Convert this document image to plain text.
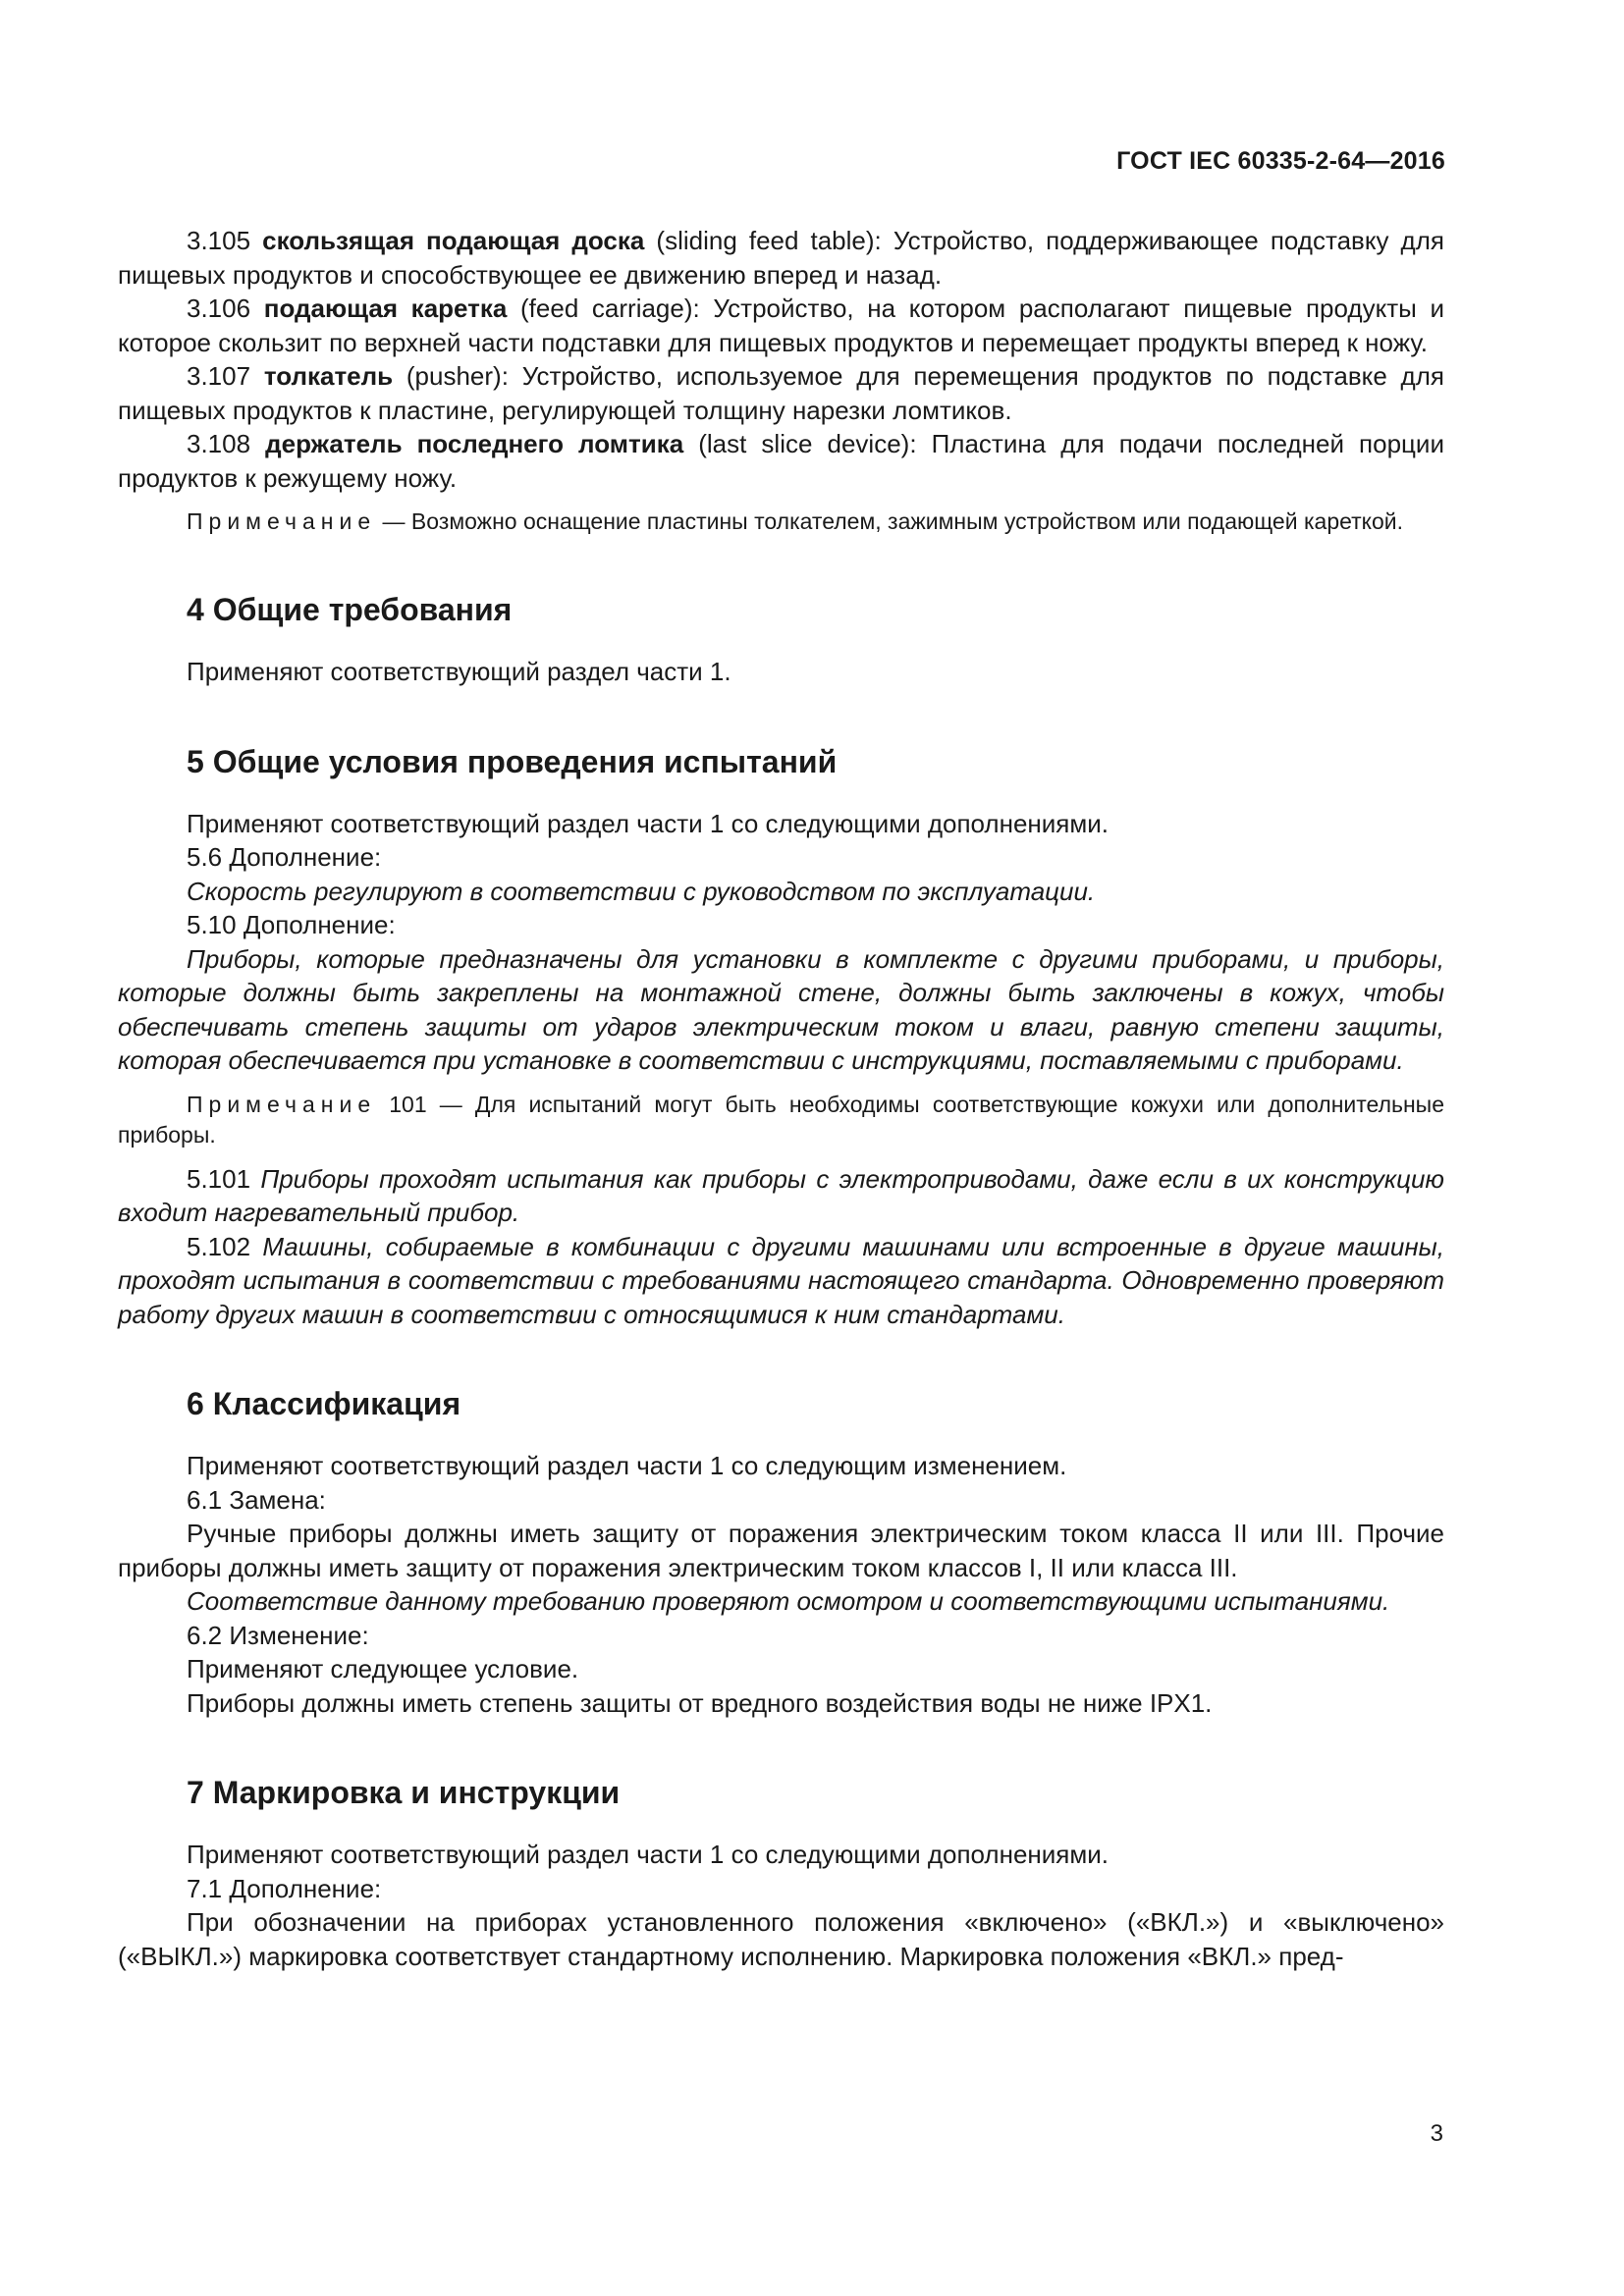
ГОСТ IEC 60335-2-64—2016

3.105 скользящая подающая доска (sliding feed table): Устройство, поддерживающее подставку для пищевых продуктов и способствующее ее движению вперед и назад.

3.106 подающая каретка (feed carriage): Устройство, на котором располагают пищевые продукты и которое скользит по верхней части подставки для пищевых продуктов и перемещает продукты вперед к ножу.

3.107 толкатель (pusher): Устройство, используемое для перемещения продуктов по подставке для пищевых продуктов к пластине, регулирующей толщину нарезки ломтиков.

3.108 держатель последнего ломтика (last slice device): Пластина для подачи последней порции продуктов к режущему ножу.

Примечание — Возможно оснащение пластины толкателем, зажимным устройством или подающей кареткой.

4 Общие требования

Применяют соответствующий раздел части 1.

5 Общие условия проведения испытаний

Применяют соответствующий раздел части 1 со следующими дополнениями.

5.6 Дополнение:

Скорость регулируют в соответствии с руководством по эксплуатации.

5.10 Дополнение:

Приборы, которые предназначены для установки в комплекте с другими приборами, и приборы, которые должны быть закреплены на монтажной стене, должны быть заключены в кожух, чтобы обеспечивать степень защиты от ударов электрическим током и влаги, равную степени защиты, которая обеспечивается при установке в соответствии с инструкциями, поставляемыми с приборами.

Примечание 101 — Для испытаний могут быть необходимы соответствующие кожухи или дополнительные приборы.

5.101 Приборы проходят испытания как приборы с электроприводами, даже если в их конструкцию входит нагревательный прибор.

5.102 Машины, собираемые в комбинации с другими машинами или встроенные в другие машины, проходят испытания в соответствии с требованиями настоящего стандарта. Одновременно проверяют работу других машин в соответствии с относящимися к ним стандартами.

6 Классификация

Применяют соответствующий раздел части 1 со следующим изменением.

6.1 Замена:

Ручные приборы должны иметь защиту от поражения электрическим током класса II или III. Прочие приборы должны иметь защиту от поражения электрическим током классов I, II или класса III.

Соответствие данному требованию проверяют осмотром и соответствующими испытаниями.

6.2 Изменение:

Применяют следующее условие.

Приборы должны иметь степень защиты от вредного воздействия воды не ниже IPX1.

7 Маркировка и инструкции

Применяют соответствующий раздел части 1 со следующими дополнениями.

7.1 Дополнение:

При обозначении на приборах установленного положения «включено» («ВКЛ.») и «выключено» («ВЫКЛ.») маркировка соответствует стандартному исполнению. Маркировка положения «ВКЛ.» пред-

3
